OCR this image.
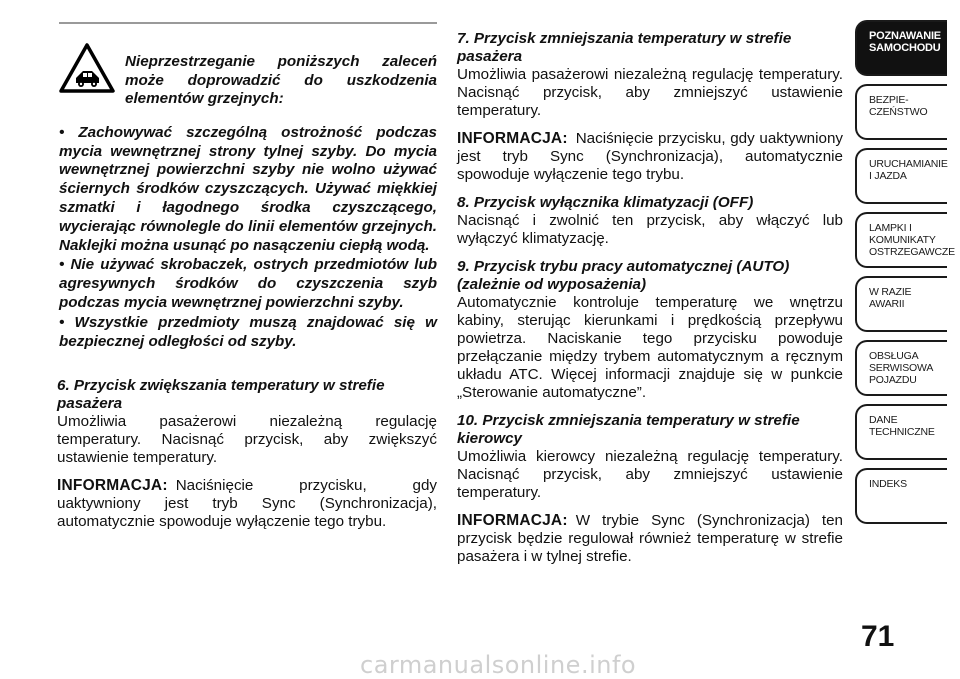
Nieprzestrzeganie poniższych zaleceń może doprowadzić do uszkodzenia elementów grzejnych:

• Zachowywać szczególną ostrożność podczas mycia wewnętrznej strony tylnej szyby. Do mycia wewnętrznej powierzchni szyby nie wolno używać ściernych środków czyszczących. Używać miękkiej szmatki i łagodnego środka czyszczącego, wycierając równolegle do linii elementów grzejnych. Naklejki można usunąć po nasączeniu ciepłą wodą.

• Nie używać skrobaczek, ostrych przedmiotów lub agresywnych środków do czyszczenia szyb podczas mycia wewnętrznej powierzchni szyby.

• Wszystkie przedmioty muszą znajdować się w bezpiecznej odległości od szyby.

6. Przycisk zwiększania temperatury w strefie pasażera

Umożliwia pasażerowi niezależną regulację temperatury. Nacisnąć przycisk, aby zwiększyć ustawienie temperatury.

INFORMACJA: Naciśnięcie przycisku, gdy uaktywniony jest tryb Sync (Synchronizacja), automatycznie spowoduje wyłączenie tego trybu.

7. Przycisk zmniejszania temperatury w strefie pasażera

Umożliwia pasażerowi niezależną regulację temperatury. Nacisnąć przycisk, aby zmniejszyć ustawienie temperatury.

INFORMACJA: Naciśnięcie przycisku, gdy uaktywniony jest tryb Sync (Synchronizacja), automatycznie spowoduje wyłączenie tego trybu.

8. Przycisk wyłącznika klimatyzacji (OFF)

Nacisnąć i zwolnić ten przycisk, aby włączyć lub wyłączyć klimatyzację.

9. Przycisk trybu pracy automatycznej (AUTO) (zależnie od wyposażenia)

Automatycznie kontroluje temperaturę we wnętrzu kabiny, sterując kierunkami i prędkością przepływu powietrza. Naciskanie tego przycisku powoduje przełączanie między trybem automatycznym a ręcznym układu ATC. Więcej informacji znajduje się w punkcie „Sterowanie automatyczne”.

10. Przycisk zmniejszania temperatury w strefie kierowcy

Umożliwia kierowcy niezależną regulację temperatury. Nacisnąć przycisk, aby zmniejszyć ustawienie temperatury.

INFORMACJA: W trybie Sync (Synchronizacja) ten przycisk będzie regulował również temperaturę w strefie pasażera i w tylnej strefie.

POZNAWANIE
SAMOCHODU
BEZPIE-
CZEŃSTWO
URUCHAMIANIE
I JAZDA
LAMPKI I
KOMUNIKATY
OSTRZEGAWCZE
W RAZIE
AWARII
OBSŁUGA
SERWISOWA
POJAZDU
DANE
TECHNICZNE
INDEKS
71
carmanualsonline.info
